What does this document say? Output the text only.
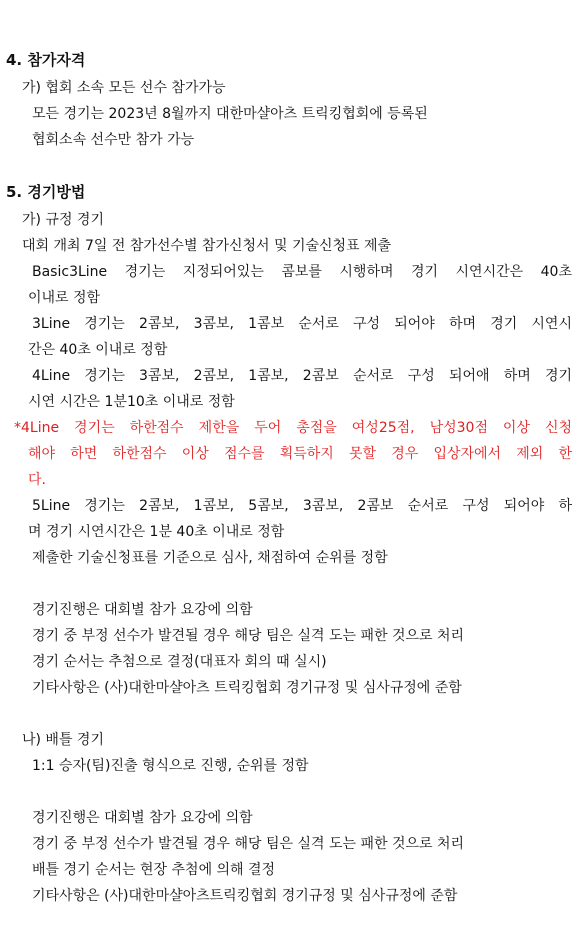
4. 참가자격
가) 협회 소속 모든 선수 참가가능
모든 경기는 2023년 8월까지 대한마샬아츠 트릭킹협회에 등록된
협회소속 선수만 참가 가능
5. 경기방법
가) 규정 경기
대회 개최 7일 전 참가선수별 참가신청서 및 기술신청표 제출
Basic3Line 경기는 지정되어있는 콤보를 시행하며 경기 시연시간은 40초
이내로 정함
3Line 경기는 2콤보, 3콤보, 1콤보 순서로 구성 되어야 하며 경기 시연시
간은 40초 이내로 정함
4Line 경기는 3콤보, 2콤보, 1콤보, 2콤보 순서로 구성 되어애 하며 경기
시연 시간은 1분10초 이내로 정함
*4Line 경기는 하한점수 제한을 두어 총점을 여성25점, 남성30점 이상 신청
해야 하면 하한점수 이상 점수를 획득하지 못할 경우 입상자에서 제외 한
다.
5Line 경기는 2콤보, 1콤보, 5콤보, 3콤보, 2콤보 순서로 구성 되어야 하
며 경기 시연시간은 1분 40초 이내로 정함
제출한 기술신청표를 기준으로 심사, 채점하여 순위를 정함
경기진행은 대회별 참가 요강에 의함
경기 중 부정 선수가 발견될 경우 해당 팀은 실격 도는 패한 것으로 처리
경기 순서는 추첨으로 결정(대표자 회의 때 실시)
기타사항은 (사)대한마샬아츠 트릭킹협회 경기규정 및 심사규정에 준함
나) 배틀 경기
1:1 승자(팀)진출 형식으로 진행, 순위를 정함
경기진행은 대회별 참가 요강에 의함
경기 중 부정 선수가 발견될 경우 해당 팀은 실격 도는 패한 것으로 처리
배틀 경기 순서는 현장 추첨에 의해 결정
기타사항은 (사)대한마샬아츠트릭킹협회 경기규정 및 심사규정에 준함
